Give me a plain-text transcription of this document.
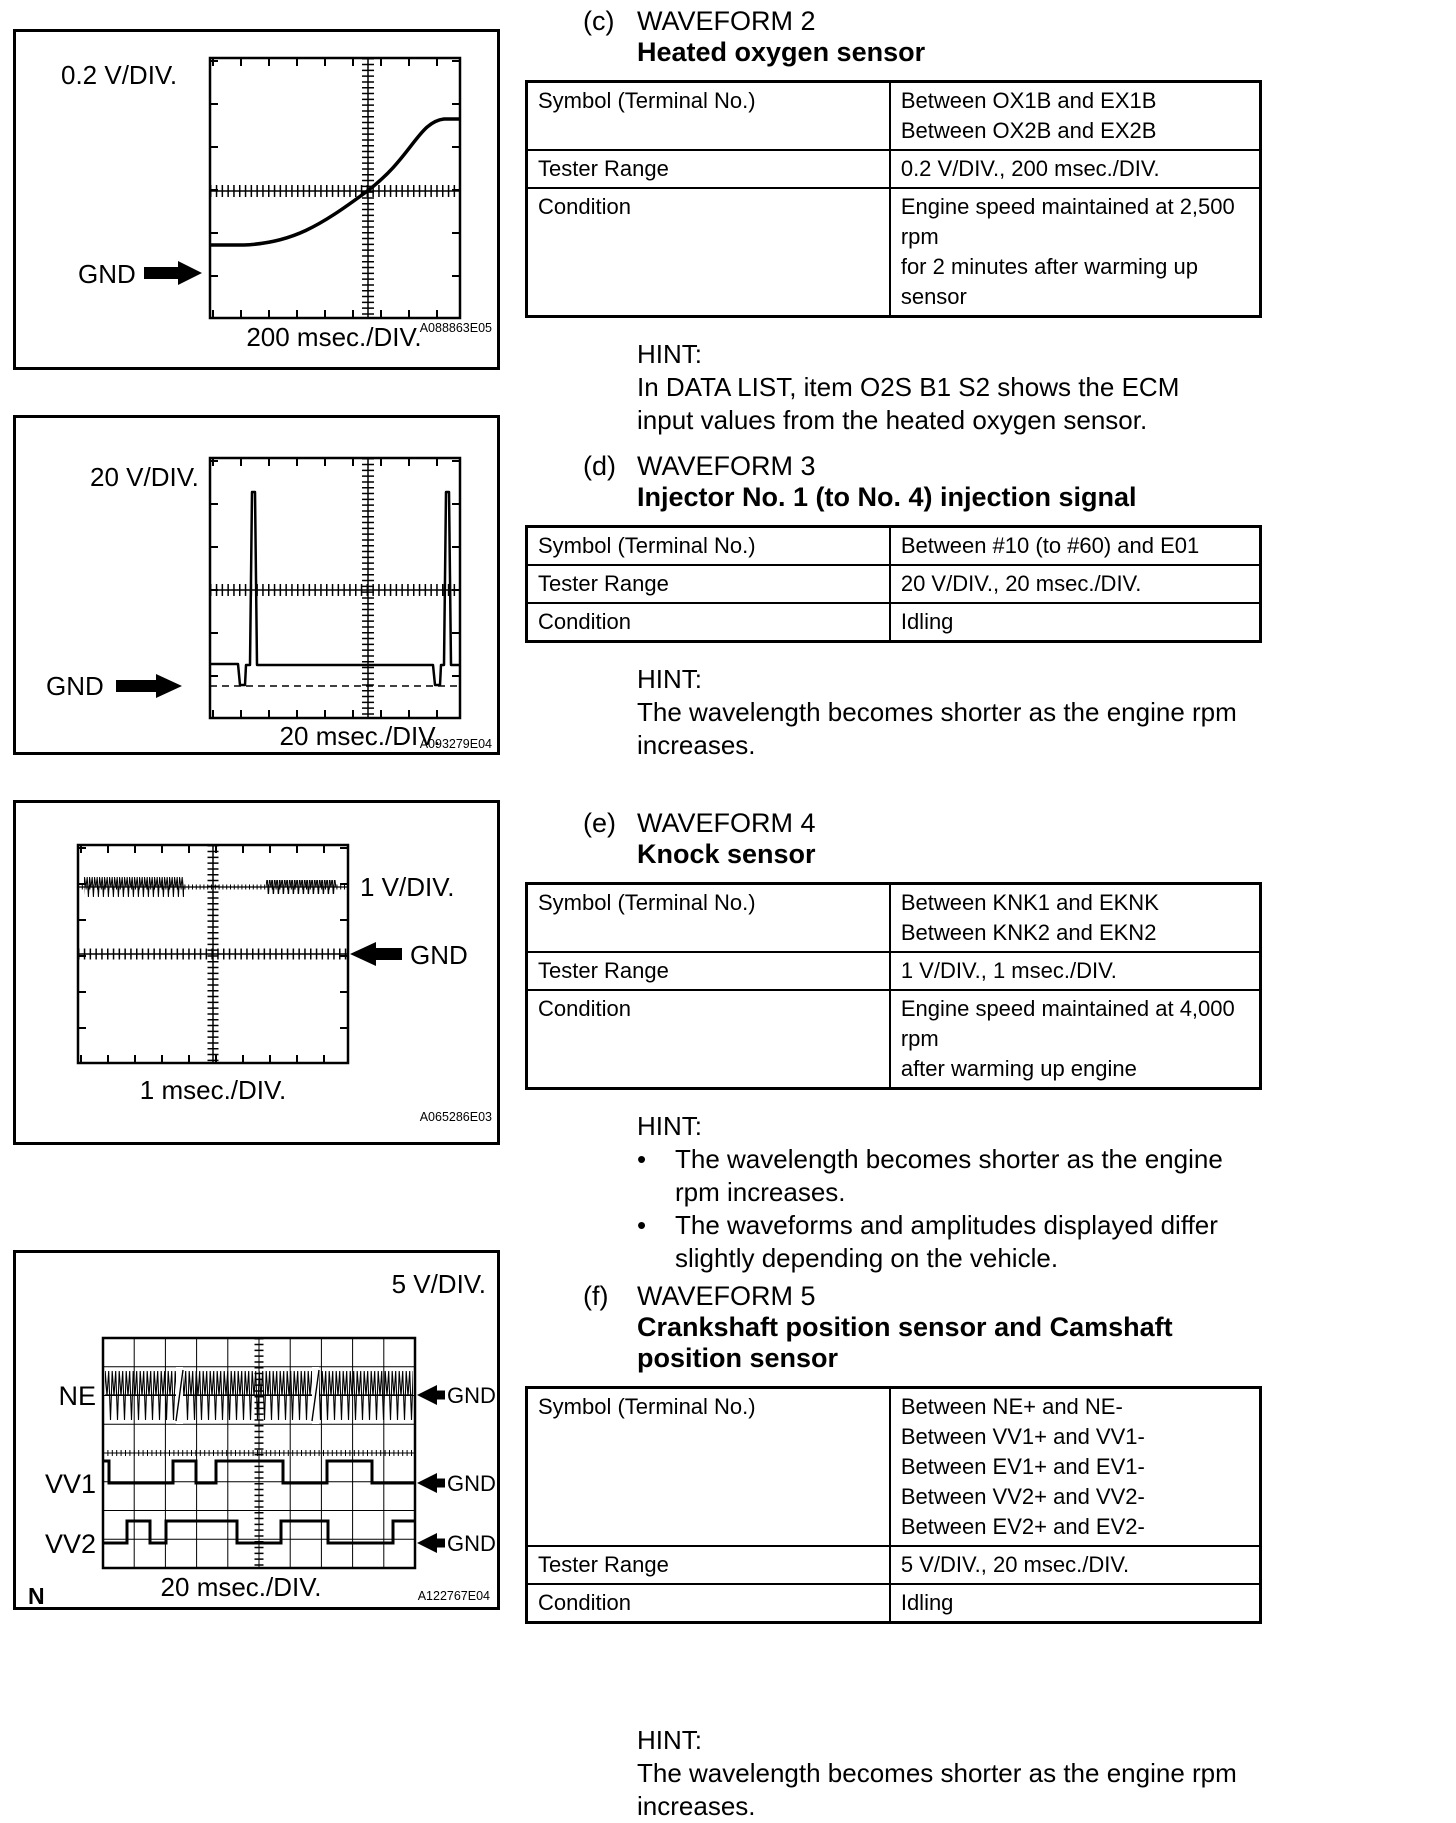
0.2 V/DIV.
GND
200 msec./DIV.
A088863E05
20 V/DIV.
GND
20 msec./DIV.
A093279E04
1 V/DIV.
GND
1 msec./DIV.
A065286E03
5 V/DIV.
NE
VV1
VV2
GND
GND
GND
20 msec./DIV.
N	A122767E04
(c) WAVEFORM 2
Heated oxygen sensor
Symbol (Terminal No.)	Between OX1B and EX1B
Between OX2B and EX2B

Tester Range	0.2 V/DIV., 200 msec./DIV.

Condition	Engine speed maintained at 2,500 rpm
for 2 minutes after warming up sensor
HINT:
In DATA LIST, item O2S B1 S2 shows the ECM
input values from the heated oxygen sensor.
(d) WAVEFORM 3
Injector No. 1 (to No. 4) injection signal
Symbol (Terminal No.)	Between #10 (to #60) and E01

Tester Range	20 V/DIV., 20 msec./DIV.

Condition	Idling
HINT:
The wavelength becomes shorter as the engine rpm
increases.
(e) WAVEFORM 4
Knock sensor
Symbol (Terminal No.)	Between KNK1 and EKNK
Between KNK2 and EKN2

Tester Range	1 V/DIV., 1 msec./DIV.

Condition	Engine speed maintained at 4,000 rpm
after warming up engine
HINT:
•	The wavelength becomes shorter as the engine
rpm increases.
•	The waveforms and amplitudes displayed differ
slightly depending on the vehicle.
(f)	WAVEFORM 5
Crankshaft position sensor and Camshaft
position sensor
Symbol (Terminal No.)	Between NE+ and NE-
Between VV1+ and VV1-
Between EV1+ and EV1-
Between VV2+ and VV2-
Between EV2+ and EV2-

Tester Range	5 V/DIV., 20 msec./DIV.

Condition	Idling
HINT:
The wavelength becomes shorter as the engine rpm
increases.
